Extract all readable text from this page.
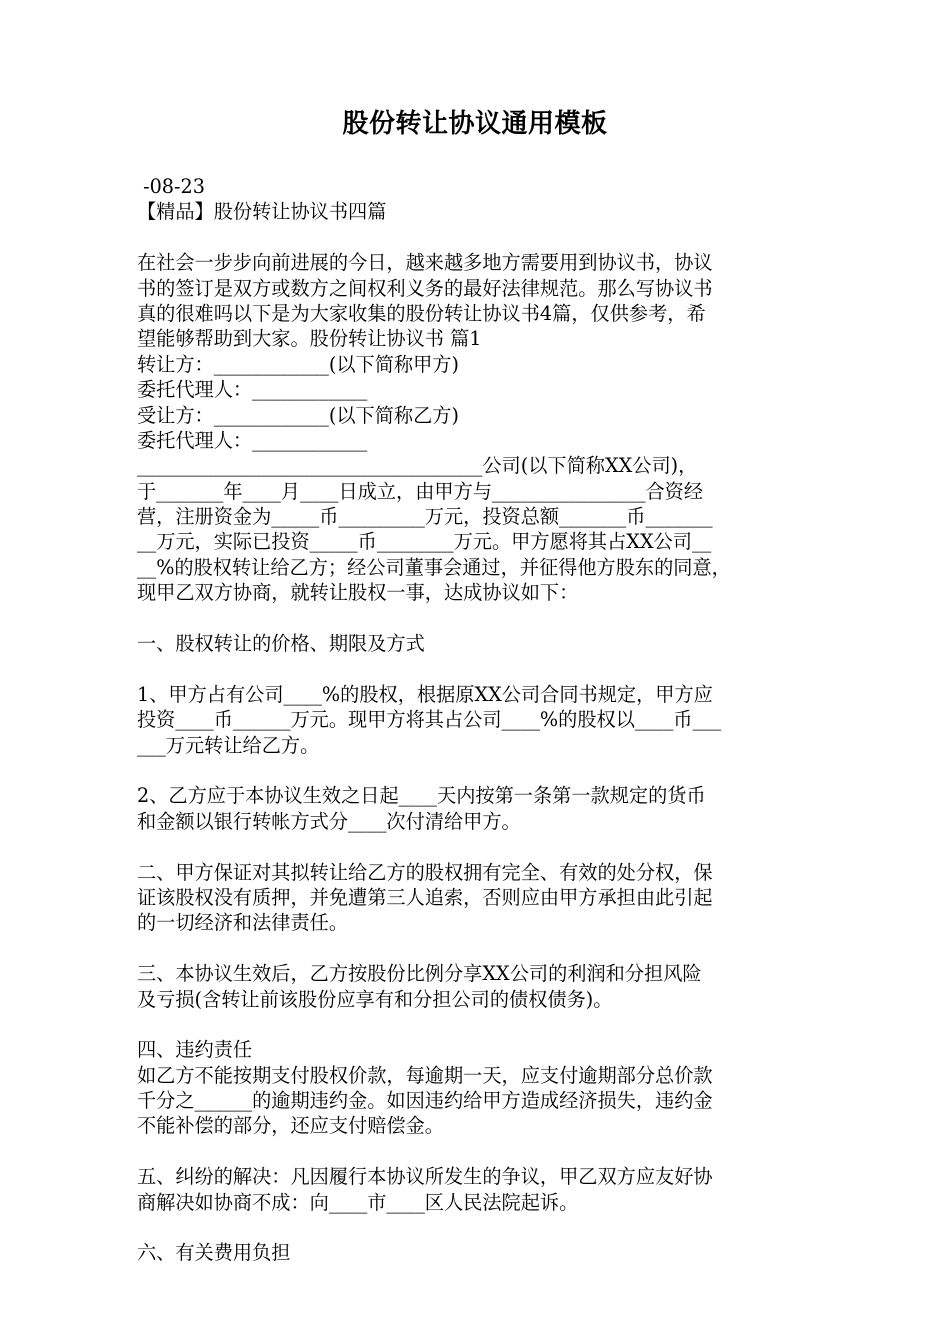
股份转让协议通用模板
-08-23
【精品】股份转让协议书四篇
在社会一步步向前进展的今日，越来越多地方需要用到协议书，协议
书的签订是双方或数方之间权利义务的最好法律规范。那么写协议书
真的很难吗以下是为大家收集的股份转让协议书4篇，仅供参考，希
望能够帮助到大家。股份转让协议书 篇1
转让方：____________(以下简称甲方)
委托代理人：____________
受让方：____________(以下简称乙方)
委托代理人：____________
____________________________________公司(以下简称XX公司)，
于_______年____月____日成立，由甲方与________________合资经
营，注册资金为_____币_________万元，投资总额_______币_______
__万元，实际已投资_____币________万元。甲方愿将其占XX公司__
__%的股权转让给乙方；经公司董事会通过，并征得他方股东的同意，
现甲乙双方协商，就转让股权一事，达成协议如下：
一、股权转让的价格、期限及方式
1、甲方占有公司____%的股权，根据原XX公司合同书规定，甲方应
投资____币______万元。现甲方将其占公司____%的股权以____币___
___万元转让给乙方。
2、乙方应于本协议生效之日起____天内按第一条第一款规定的货币
和金额以银行转帐方式分____次付清给甲方。
二、甲方保证对其拟转让给乙方的股权拥有完全、有效的处分权，保
证该股权没有质押，并免遭第三人追索，否则应由甲方承担由此引起
的一切经济和法律责任。
三、本协议生效后，乙方按股份比例分享XX公司的利润和分担风险
及亏损(含转让前该股份应享有和分担公司的债权债务)。
四、违约责任
如乙方不能按期支付股权价款，每逾期一天，应支付逾期部分总价款
千分之______的逾期违约金。如因违约给甲方造成经济损失，违约金
不能补偿的部分，还应支付赔偿金。
五、纠纷的解决：凡因履行本协议所发生的争议，甲乙双方应友好协
商解决如协商不成：向____市____区人民法院起诉。
六、有关费用负担
